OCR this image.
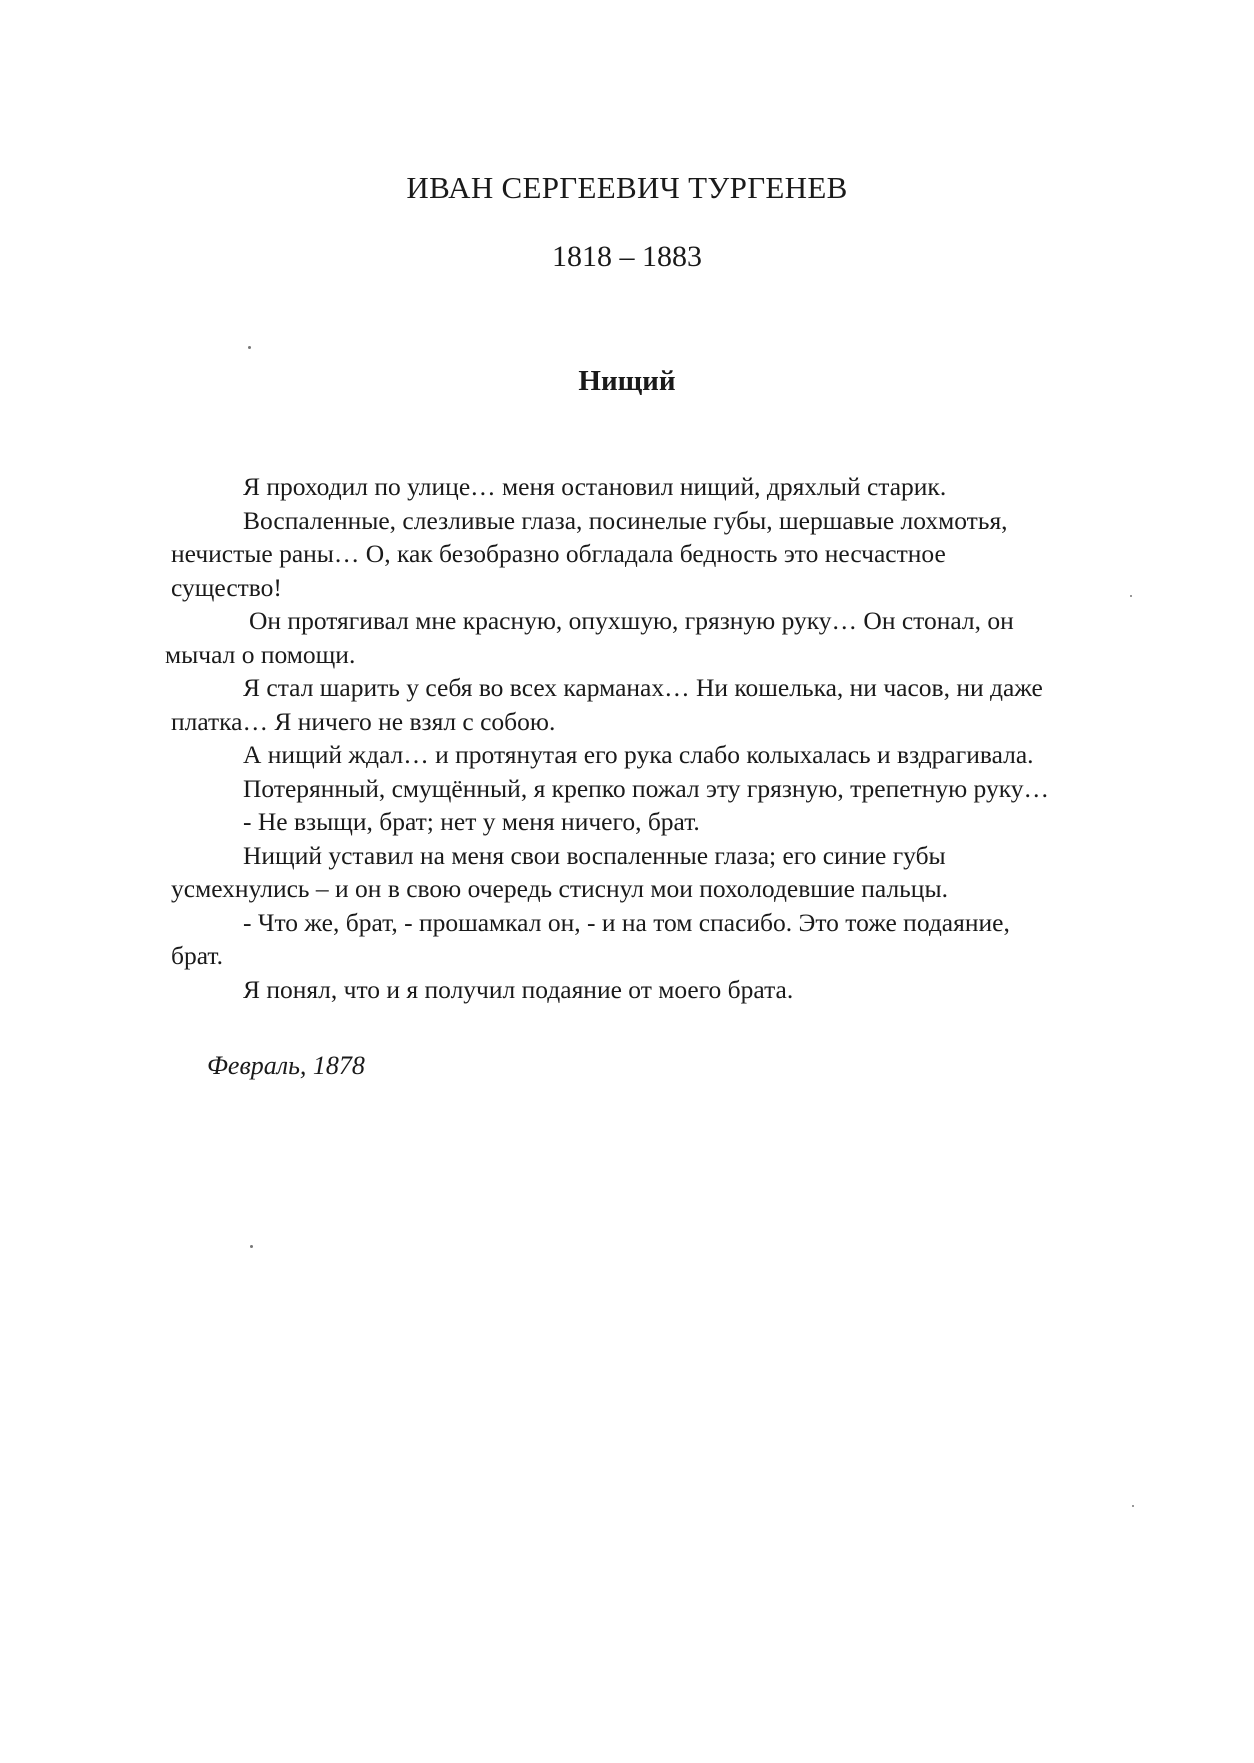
ИВАН СЕРГЕЕВИЧ ТУРГЕНЕВ
1818 – 1883
Нищий

Я проходил по улице… меня остановил нищий, дряхлый старик.

Воспаленные, слезливые глаза, посинелые губы, шершавые лохмотья,
нечистые раны… О, как безобразно обгладала бедность это несчастное
существо!

Он протягивал мне красную, опухшую, грязную руку… Он стонал, он
мычал о помощи.

Я стал шарить у себя во всех карманах… Ни кошелька, ни часов, ни даже
платка… Я ничего не взял с собою.

А нищий ждал… и протянутая его рука слабо колыхалась и вздрагивала.

Потерянный, смущённый, я крепко пожал эту грязную, трепетную руку…

- Не взыщи, брат; нет у меня ничего, брат.

Нищий уставил на меня свои воспаленные глаза; его синие губы
усмехнулись – и он в свою очередь стиснул мои похолодевшие пальцы.

- Что же, брат, - прошамкал он, - и на том спасибо. Это тоже подаяние,
брат.

Я понял, что и я получил подаяние от моего брата.

Февраль, 1878
